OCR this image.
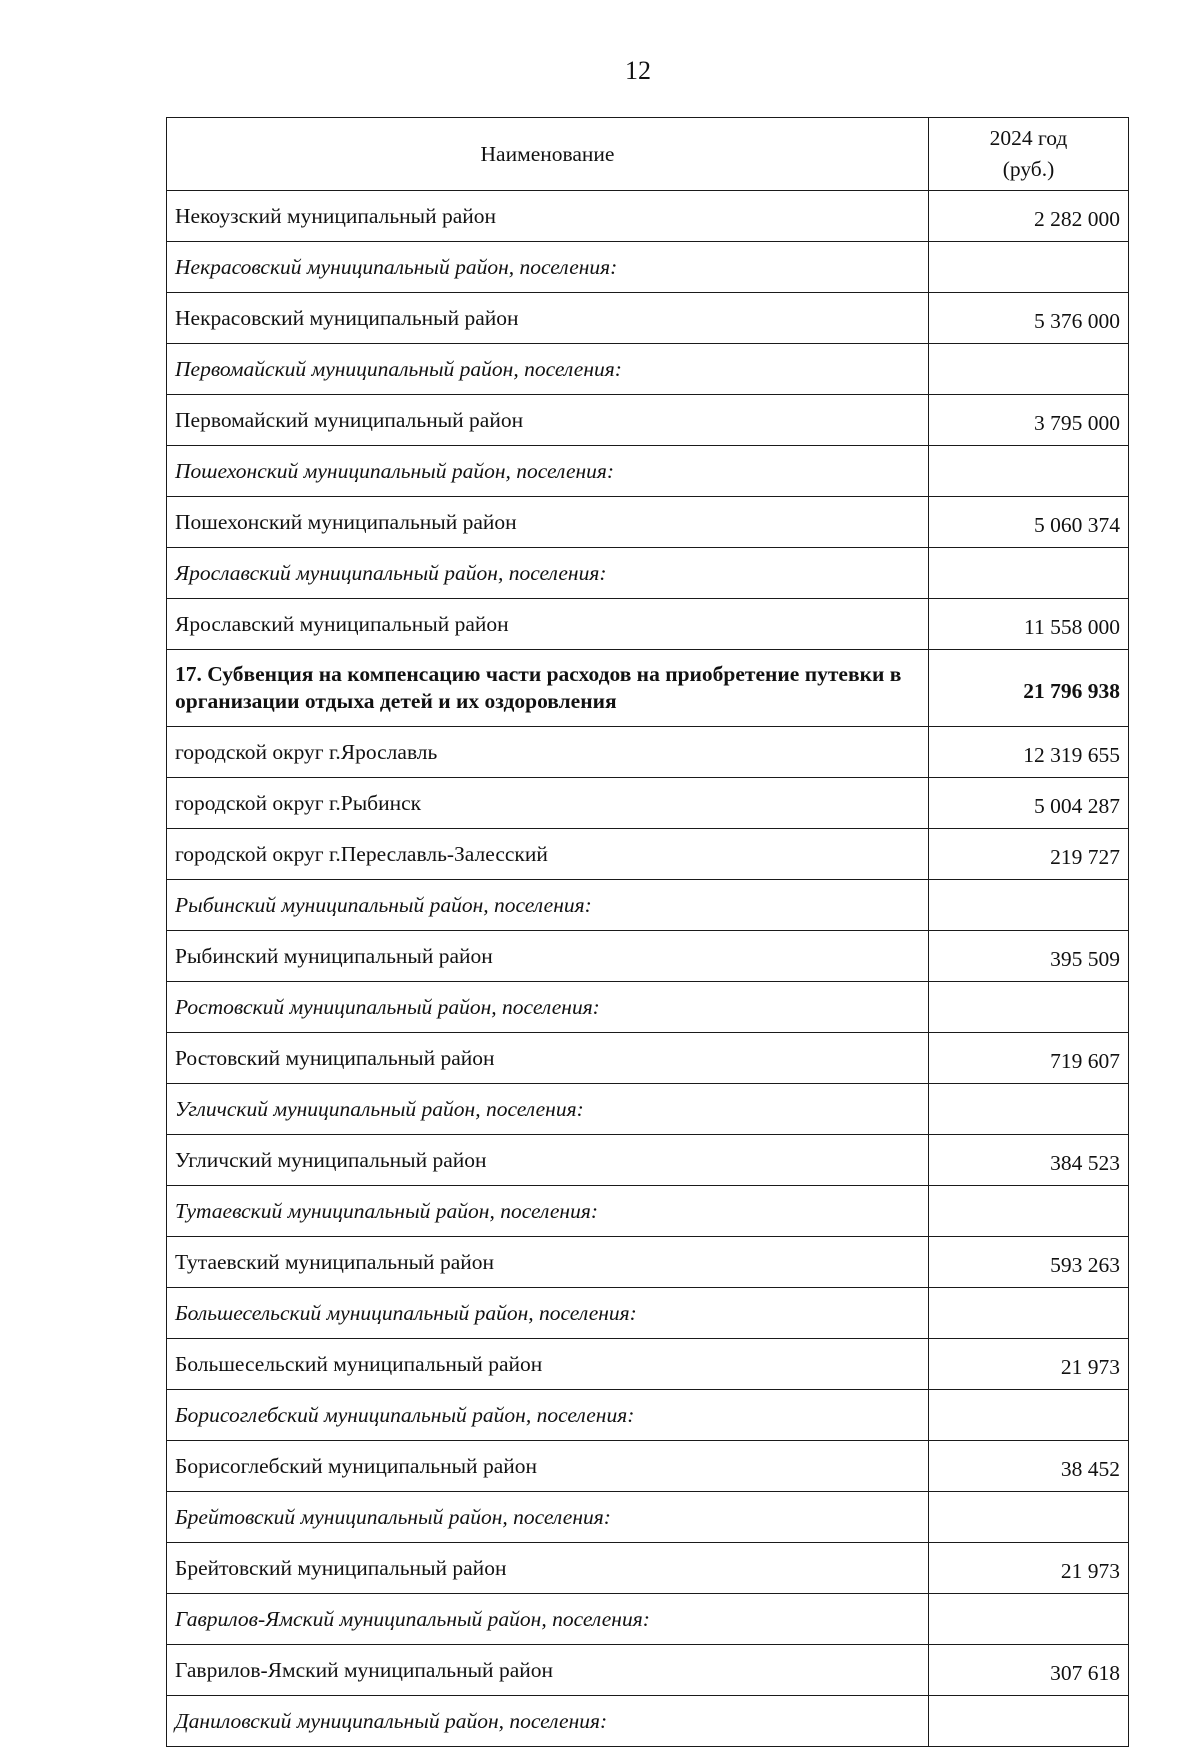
12
Наименование	2024 год
(руб.)

Некоузский муниципальный район	2 282 000
Некрасовский муниципальный район, поселения:	
Некрасовский муниципальный район	5 376 000
Первомайский муниципальный район, поселения:	
Первомайский муниципальный район	3 795 000
Пошехонский муниципальный район, поселения:	
Пошехонский муниципальный район	5 060 374
Ярославский муниципальный район, поселения:	
Ярославский муниципальный район	11 558 000
17. Субвенция на компенсацию части расходов на приобретение путевки в организации отдыха детей и их оздоровления	21 796 938
городской округ г.Ярославль	12 319 655
городской округ г.Рыбинск	5 004 287
городской округ г.Переславль-Залесский	219 727
Рыбинский муниципальный район, поселения:	
Рыбинский муниципальный район	395 509
Ростовский муниципальный район, поселения:	
Ростовский муниципальный район	719 607
Угличский муниципальный район, поселения:	
Угличский муниципальный район	384 523
Тутаевский муниципальный район, поселения:	
Тутаевский муниципальный район	593 263
Большесельский муниципальный район, поселения:	
Большесельский муниципальный район	21 973
Борисоглебский муниципальный район, поселения:	
Борисоглебский муниципальный район	38 452
Брейтовский муниципальный район, поселения:	
Брейтовский муниципальный район	21 973
Гаврилов-Ямский муниципальный район, поселения:	
Гаврилов-Ямский муниципальный район	307 618
Даниловский муниципальный район, поселения:	
